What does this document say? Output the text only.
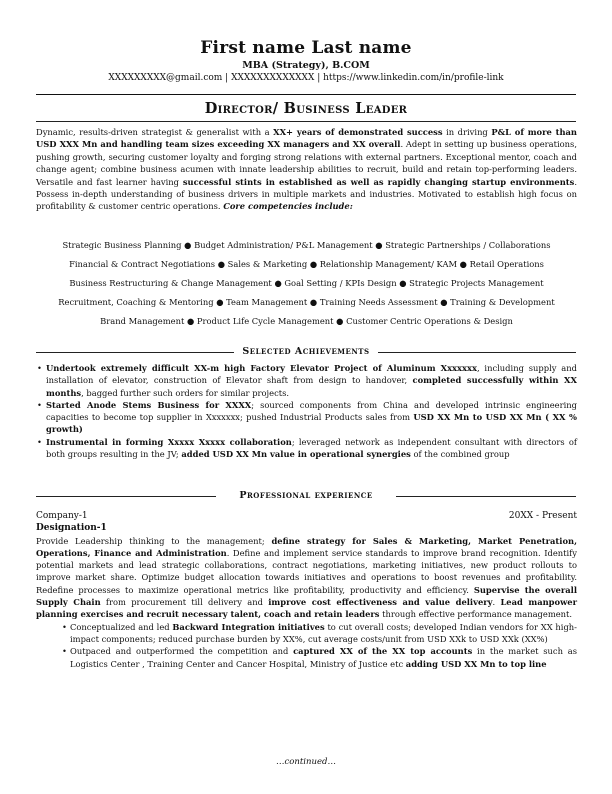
First name Last name
MBA (Strategy), B.COM
XXXXXXXXX@gmail.com | XXXXXXXXXXXXX | https://www.linkedin.com/in/profile-link
Director/ Business Leader
Dynamic, results-driven strategist & generalist with a XX+ years of demonstrated success in driving P&L of more than USD XXX Mn and handling team sizes exceeding XX managers and XX overall. Adept in setting up business operations, pushing growth, securing customer loyalty and forging strong relations with external partners. Exceptional mentor, coach and change agent; combine business acumen with innate leadership abilities to recruit, build and retain top-performing leaders. Versatile and fast learner having successful stints in established as well as rapidly changing startup environments. Possess in-depth understanding of business drivers in multiple markets and industries. Motivated to establish high focus on profitability & customer centric operations. Core competencies include:
Strategic Business Planning ● Budget Administration/ P&L Management ● Strategic Partnerships / Collaborations
Financial & Contract Negotiations ● Sales & Marketing ● Relationship Management/ KAM ● Retail Operations
Business Restructuring & Change Management ● Goal Setting / KPIs Design ● Strategic Projects Management
Recruitment, Coaching & Mentoring ● Team Management ● Training Needs Assessment ● Training & Development
Brand Management ● Product Life Cycle Management ● Customer Centric Operations & Design
Selected Achievements
• Undertook extremely difficult XX-m high Factory Elevator Project of Aluminum Xxxxxxx, including supply and installation of elevator, construction of Elevator shaft from design to handover, completed successfully within XX months, bagged further such orders for similar projects.
• Started Anode Stems Business for XXXX; sourced components from China and developed intrinsic engineering capacities to become top supplier in Xxxxxxx; pushed Industrial Products sales from USD XX Mn to USD XX Mn ( XX % growth)
• Instrumental in forming Xxxxx Xxxxx collaboration; leveraged network as independent consultant with directors of both groups resulting in the JV; added USD XX Mn value in operational synergies of the combined group
Professional experience
Company-1	20XX - Present
Designation-1
Provide Leadership thinking to the management; define strategy for Sales & Marketing, Market Penetration, Operations, Finance and Administration. Define and implement service standards to improve brand recognition. Identify potential markets and lead strategic collaborations, contract negotiations, marketing initiatives, new product rollouts to improve market share. Optimize budget allocation towards initiatives and operations to boost revenues and profitability. Redefine processes to maximize operational metrics like profitability, productivity and efficiency. Supervise the overall Supply Chain from procurement till delivery and improve cost effectiveness and value delivery. Lead manpower planning exercises and recruit necessary talent, coach and retain leaders through effective performance management.
• Conceptualized and led Backward Integration initiatives to cut overall costs; developed Indian vendors for XX high-impact components; reduced purchase burden by XX%, cut average costs/unit from USD XXk to USD XXk (XX%)
• Outpaced and outperformed the competition and captured XX of the XX top accounts in the market such as Logistics Center , Training Center and Cancer Hospital, Ministry of Justice etc adding USD XX Mn to top line
…continued…
